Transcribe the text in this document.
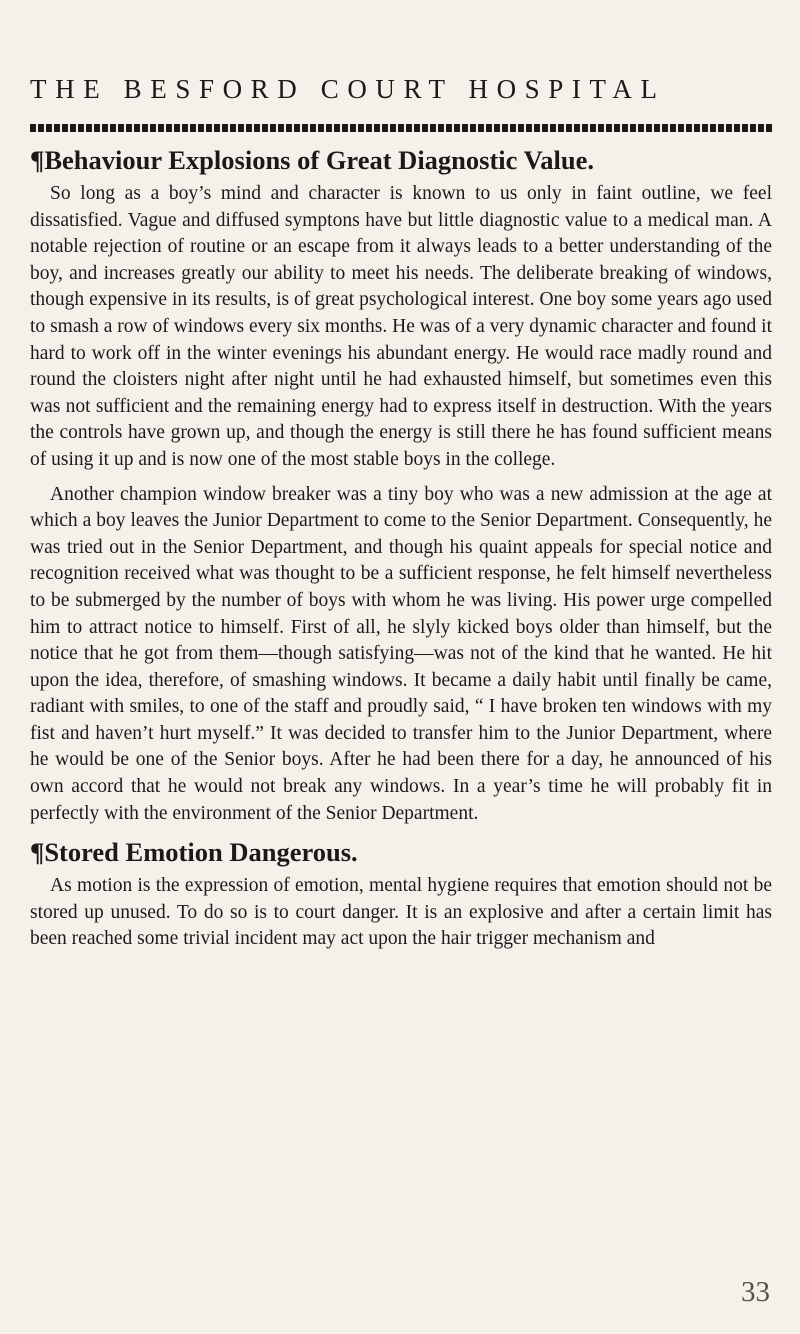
THE BESFORD COURT HOSPITAL
¶Behaviour Explosions of Great Diagnostic Value.

So long as a boy’s mind and character is known to us only in faint outline, we feel dissatisfied. Vague and diffused symptons have but little diagnostic value to a medical man. A notable rejection of routine or an escape from it always leads to a better understanding of the boy, and increases greatly our ability to meet his needs. The deliberate breaking of windows, though expensive in its results, is of great psychological interest. One boy some years ago used to smash a row of windows every six months. He was of a very dynamic character and found it hard to work off in the winter evenings his abundant energy. He would race madly round and round the cloisters night after night until he had exhausted himself, but sometimes even this was not sufficient and the remaining energy had to express itself in destruction. With the years the controls have grown up, and though the energy is still there he has found sufficient means of using it up and is now one of the most stable boys in the college.

Another champion window breaker was a tiny boy who was a new admission at the age at which a boy leaves the Junior Department to come to the Senior Department. Consequently, he was tried out in the Senior Department, and though his quaint appeals for special notice and recognition received what was thought to be a sufficient response, he felt himself nevertheless to be submerged by the number of boys with whom he was living. His power urge compelled him to attract notice to himself. First of all, he slyly kicked boys older than himself, but the notice that he got from them—though satisfying—was not of the kind that he wanted. He hit upon the idea, therefore, of smashing windows. It became a daily habit until finally be came, radiant with smiles, to one of the staff and proudly said, “ I have broken ten windows with my fist and haven’t hurt myself.” It was decided to transfer him to the Junior Department, where he would be one of the Senior boys. After he had been there for a day, he announced of his own accord that he would not break any windows. In a year’s time he will probably fit in perfectly with the environment of the Senior Department.

¶Stored Emotion Dangerous.

As motion is the expression of emotion, mental hygiene requires that emotion should not be stored up unused. To do so is to court danger. It is an explosive and after a certain limit has been reached some trivial incident may act upon the hair trigger mechanism and

33
